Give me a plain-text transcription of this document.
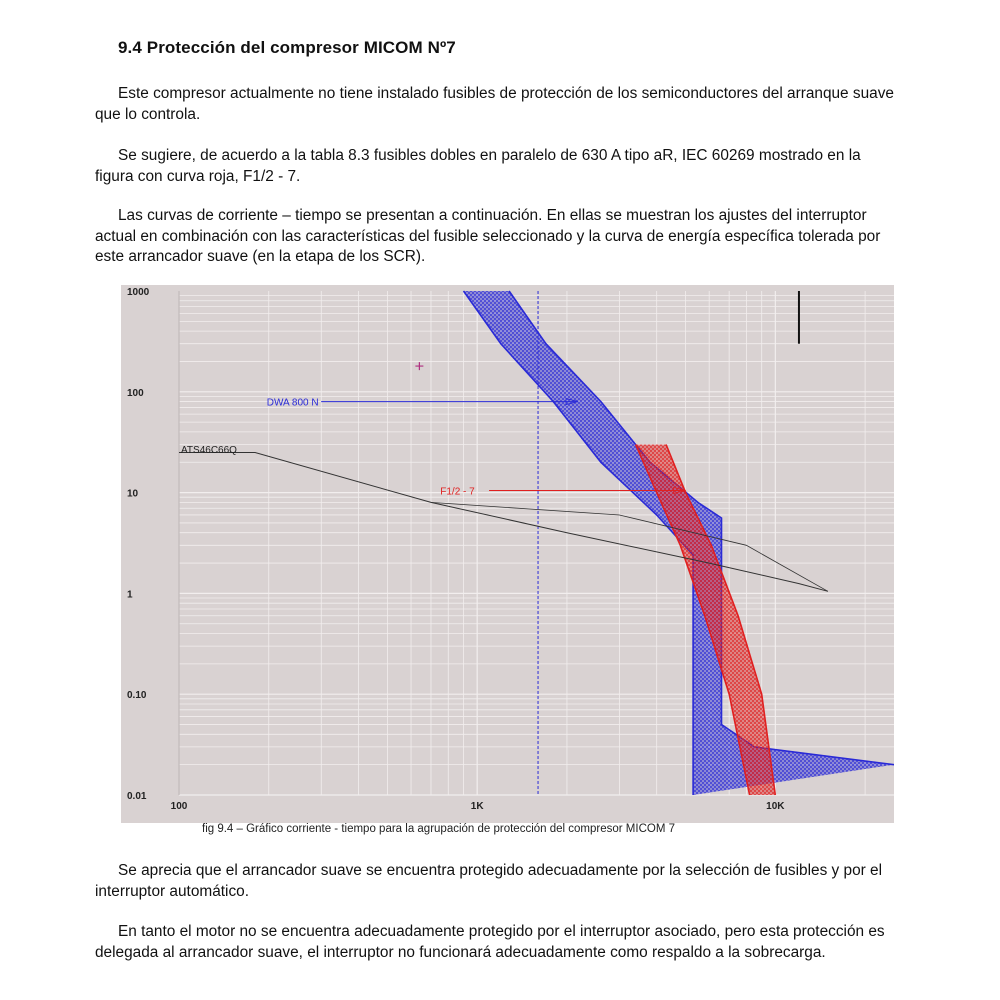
9.4 Protección del compresor MICOM Nº7

Este compresor actualmente no tiene instalado fusibles de protección de los semiconductores del arranque suave que lo controla.

Se sugiere, de acuerdo a la tabla 8.3 fusibles dobles en paralelo de 630 A tipo aR, IEC 60269 mostrado en la figura con curva roja, F1/2 - 7.

Las curvas de corriente – tiempo se presentan a continuación. En ellas se muestran los ajustes del interruptor actual en combinación con las características del fusible seleccionado y la curva de energía específica tolerada por este arrancador suave (en la etapa de los SCR).

1000
100
10
1
0.10
0.01
100	1K	10K
DWA 800 N
F1/2 - 7
ATS46C66Q
fig 9.4 – Gráfico corriente - tiempo para la agrupación de protección del compresor MICOM 7

Se aprecia que el arrancador suave se encuentra protegido adecuadamente por la selección de fusibles y por el interruptor automático.

En tanto el motor no se encuentra adecuadamente protegido por el interruptor asociado, pero esta protección es delegada al arrancador suave, el interruptor no funcionará adecuadamente como respaldo a la sobrecarga.
